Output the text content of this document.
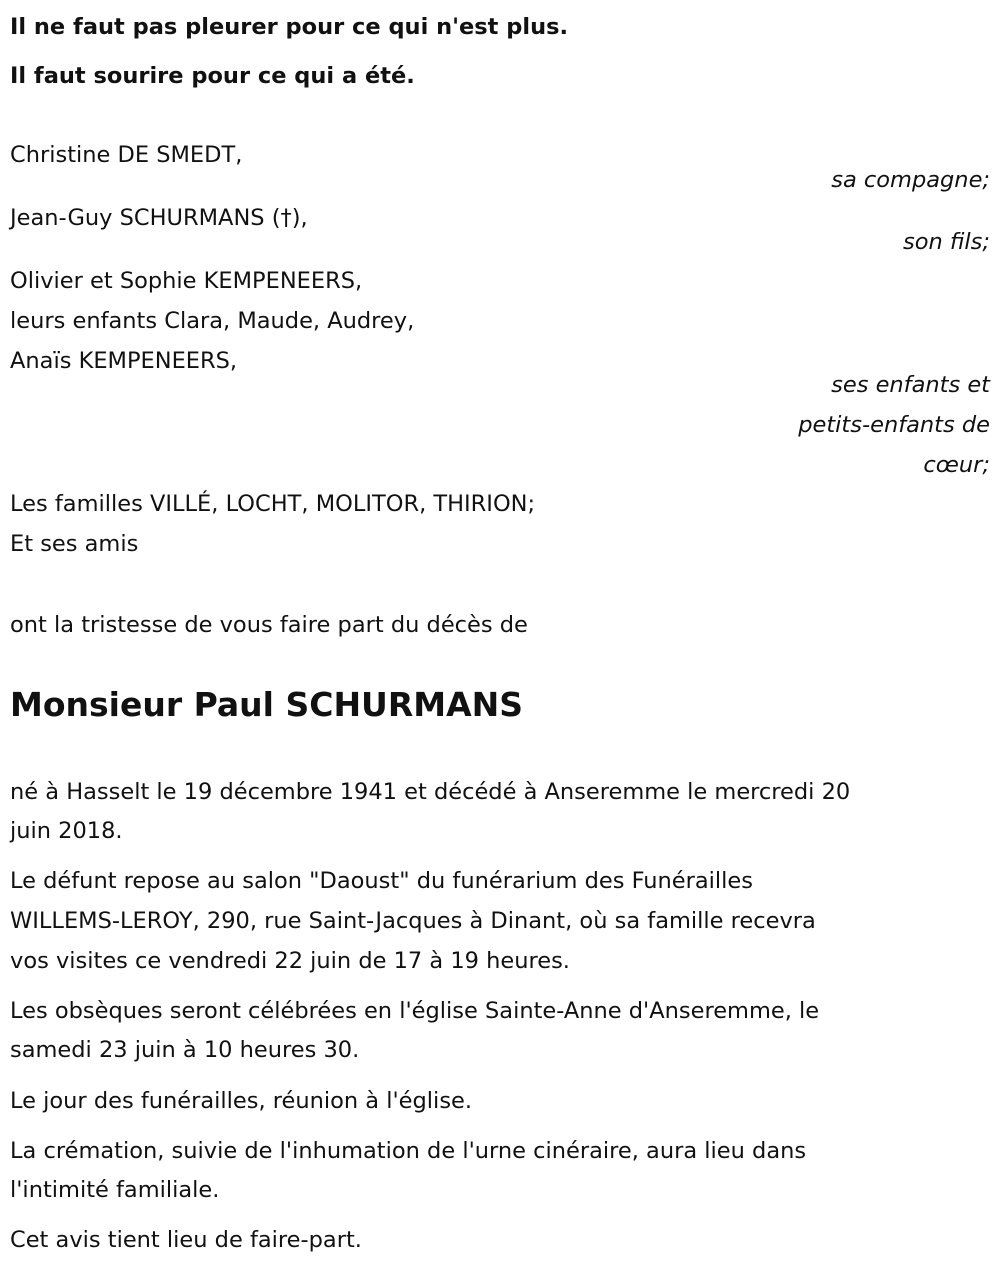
Il ne faut pas pleurer pour ce qui n'est plus.
Il faut sourire pour ce qui a été.
Christine DE SMEDT,
sa compagne;
Jean-Guy SCHURMANS (†),
son fils;
Olivier et Sophie KEMPENEERS,
leurs enfants Clara, Maude, Audrey,
Anaïs KEMPENEERS,
ses enfants et
petits-enfants de
cœur;
Les familles VILLÉ, LOCHT, MOLITOR, THIRION;
Et ses amis
ont la tristesse de vous faire part du décès de
Monsieur Paul SCHURMANS
né à Hasselt le 19 décembre 1941 et décédé à Anseremme le mercredi 20
juin 2018.
Le défunt repose au salon "Daoust" du funérarium des Funérailles
WILLEMS-LEROY, 290, rue Saint-Jacques à Dinant, où sa famille recevra
vos visites ce vendredi 22 juin de 17 à 19 heures.
Les obsèques seront célébrées en l'église Sainte-Anne d'Anseremme, le
samedi 23 juin à 10 heures 30.
Le jour des funérailles, réunion à l'église.
La crémation, suivie de l'inhumation de l'urne cinéraire, aura lieu dans
l'intimité familiale.
Cet avis tient lieu de faire-part.
